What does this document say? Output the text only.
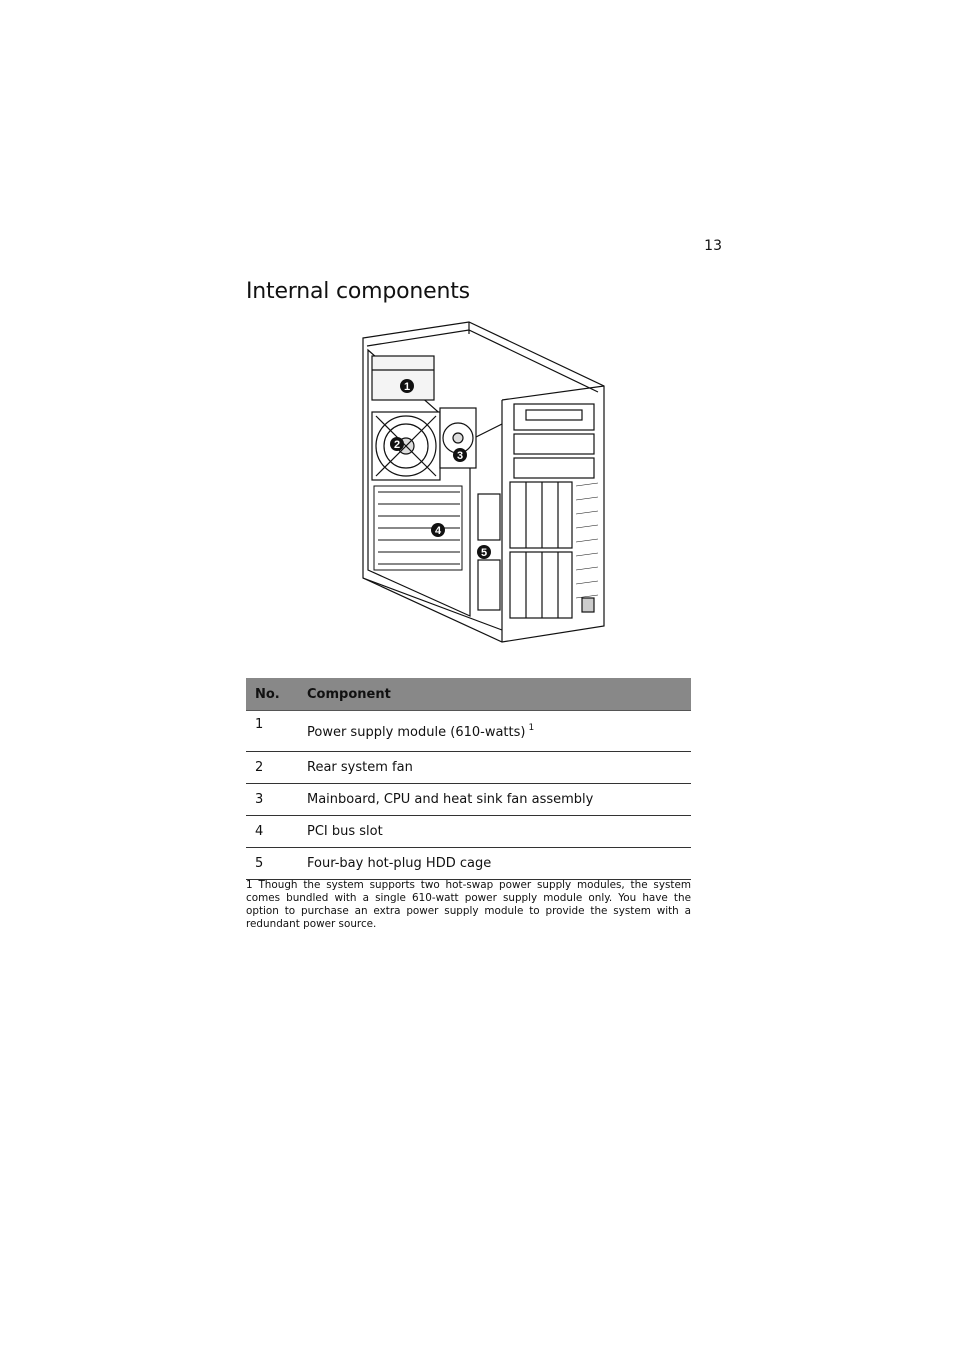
13
Internal components
1
2
3
4
5
No.	Component
1	Power supply module (610-watts) $^1$
2	Rear system fan
3	Mainboard, CPU and heat sink fan assembly
4	PCI bus slot
5	Four-bay hot-plug HDD cage

1 Though the system supports two hot-swap power supply modules, the system comes bundled with a single 610-watt power supply module only. You have the option to purchase an extra power supply module to provide the system with a redundant power source.
